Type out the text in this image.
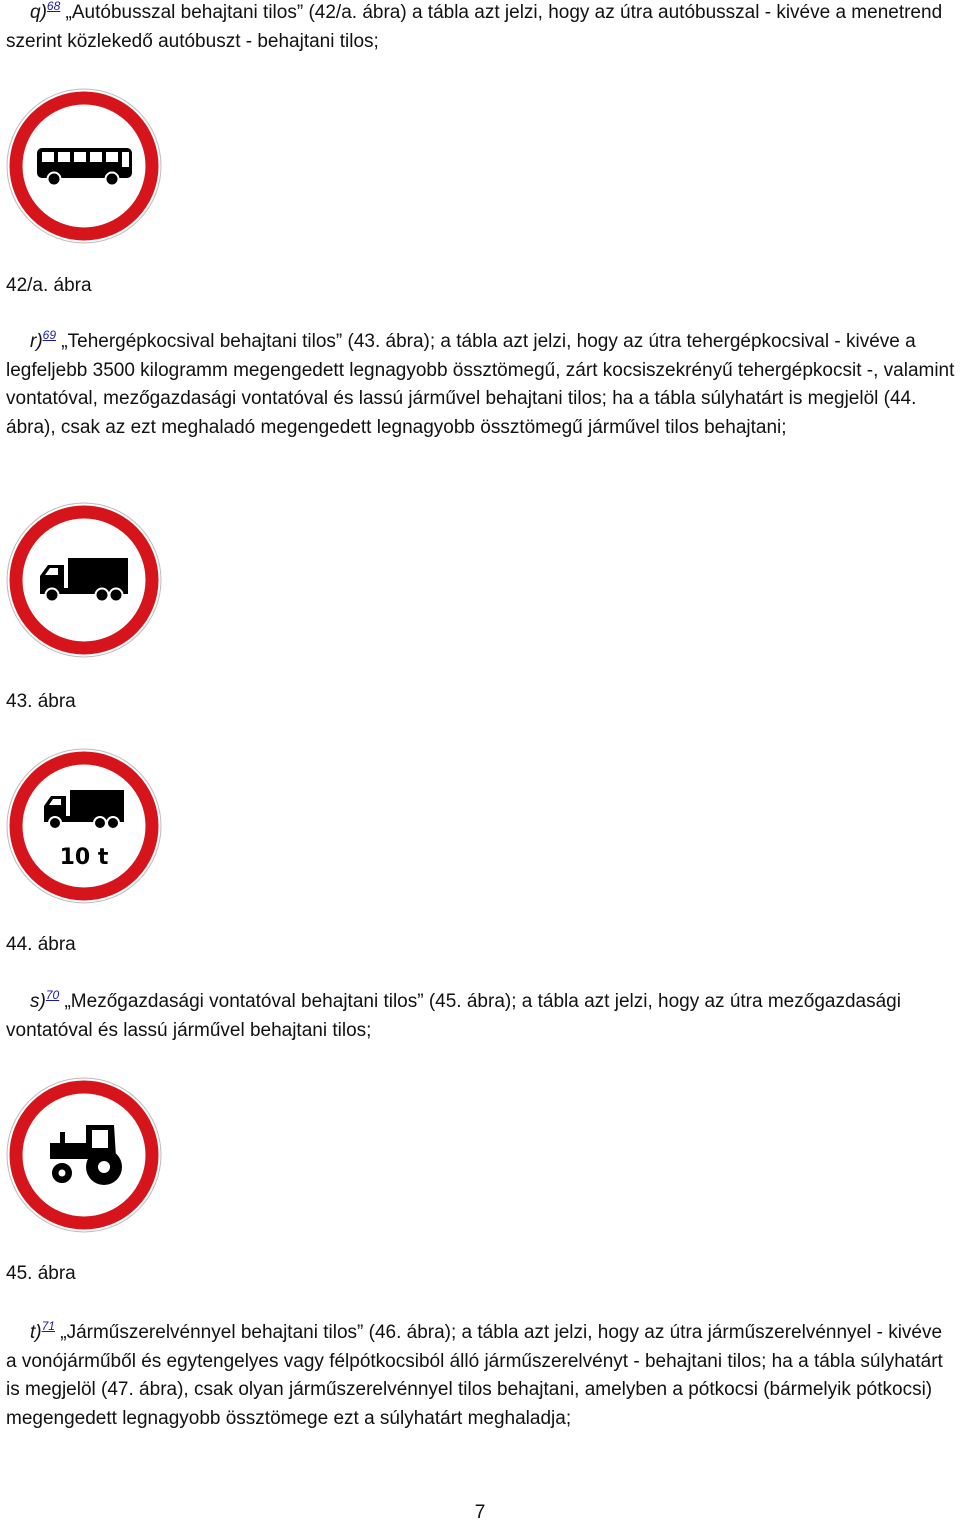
q)$^{68}$ „Autóbusszal behajtani tilos” (42/a. ábra) a tábla azt jelzi, hogy az útra autóbusszal - kivéve a menetrend szerint közlekedő autóbuszt - behajtani tilos;

42/a. ábra

r)$^{69}$ „Tehergépkocsival behajtani tilos” (43. ábra); a tábla azt jelzi, hogy az útra tehergépkocsival - kivéve a legfeljebb 3500 kilogramm megengedett legnagyobb össztömegű, zárt kocsiszekrényű tehergépkocsit -, valamint vontatóval, mezőgazdasági vontatóval és lassú járművel behajtani tilos; ha a tábla súlyhatárt is megjelöl (44. ábra), csak az ezt meghaladó megengedett legnagyobb össztömegű járművel tilos behajtani;

43. ábra
10 t
44. ábra

s)$^{70}$ „Mezőgazdasági vontatóval behajtani tilos” (45. ábra); a tábla azt jelzi, hogy az útra mezőgazdasági vontatóval és lassú járművel behajtani tilos;

45. ábra

t)$^{71}$ „Járműszerelvénnyel behajtani tilos” (46. ábra); a tábla azt jelzi, hogy az útra járműszerelvénnyel - kivéve a vonójárműből és egytengelyes vagy félpótkocsiból álló járműszerelvényt - behajtani tilos; ha a tábla súlyhatárt is megjelöl (47. ábra), csak olyan járműszerelvénnyel tilos behajtani, amelyben a pótkocsi (bármelyik pótkocsi) megengedett legnagyobb össztömege ezt a súlyhatárt meghaladja;

7
